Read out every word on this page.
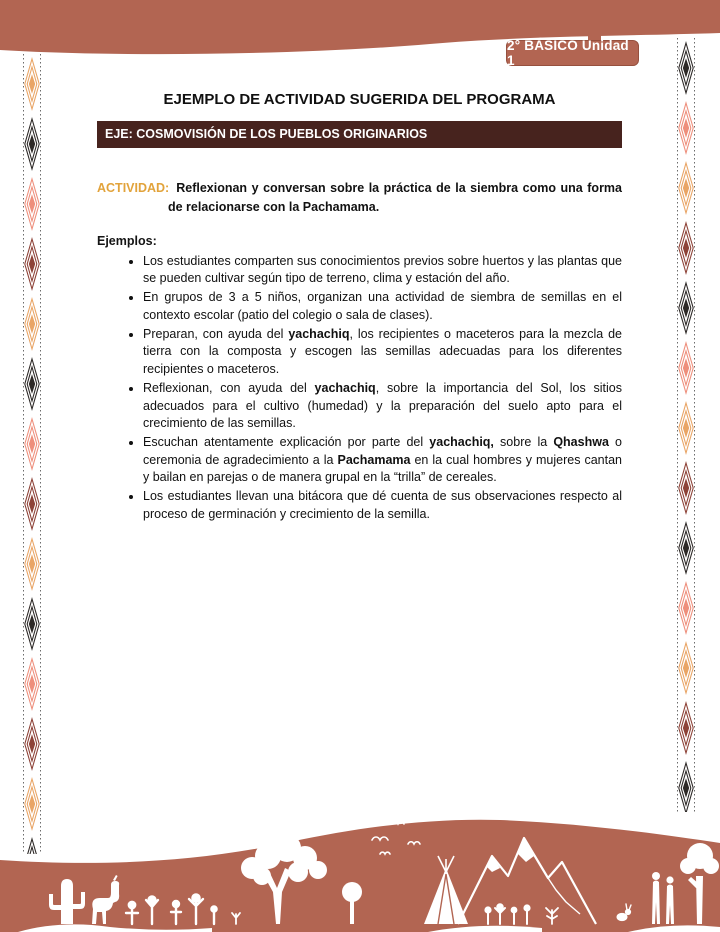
2° BÁSICO Unidad 1
EJEMPLO DE ACTIVIDAD SUGERIDA DEL PROGRAMA
EJE: COSMOVISIÓN DE LOS PUEBLOS ORIGINARIOS
ACTIVIDAD: Reflexionan y conversan sobre la práctica de la siembra como una forma de relacionarse con la Pachamama.
Ejemplos:
• Los estudiantes comparten sus conocimientos previos sobre huertos y las plantas que se pueden cultivar según tipo de terreno, clima y estación del año.
• En grupos de 3 a 5 niños, organizan una actividad de siembra de semillas en el contexto escolar (patio del colegio o sala de clases).
• Preparan, con ayuda del yachachiq, los recipientes o maceteros para la mezcla de tierra con la composta y escogen las semillas adecuadas para los diferentes recipientes o maceteros.
• Reflexionan, con ayuda del yachachiq, sobre la importancia del Sol, los sitios adecuados para el cultivo (humedad) y la preparación del suelo apto para el crecimiento de las semillas.
• Escuchan atentamente explicación por parte del yachachiq, sobre la Qhashwa o ceremonia de agradecimiento a la Pachamama en la cual hombres y mujeres cantan y bailan en parejas o de manera grupal en la “trilla” de cereales.
• Los estudiantes llevan una bitácora que dé cuenta de sus observaciones respecto al proceso de germinación y crecimiento de la semilla.
